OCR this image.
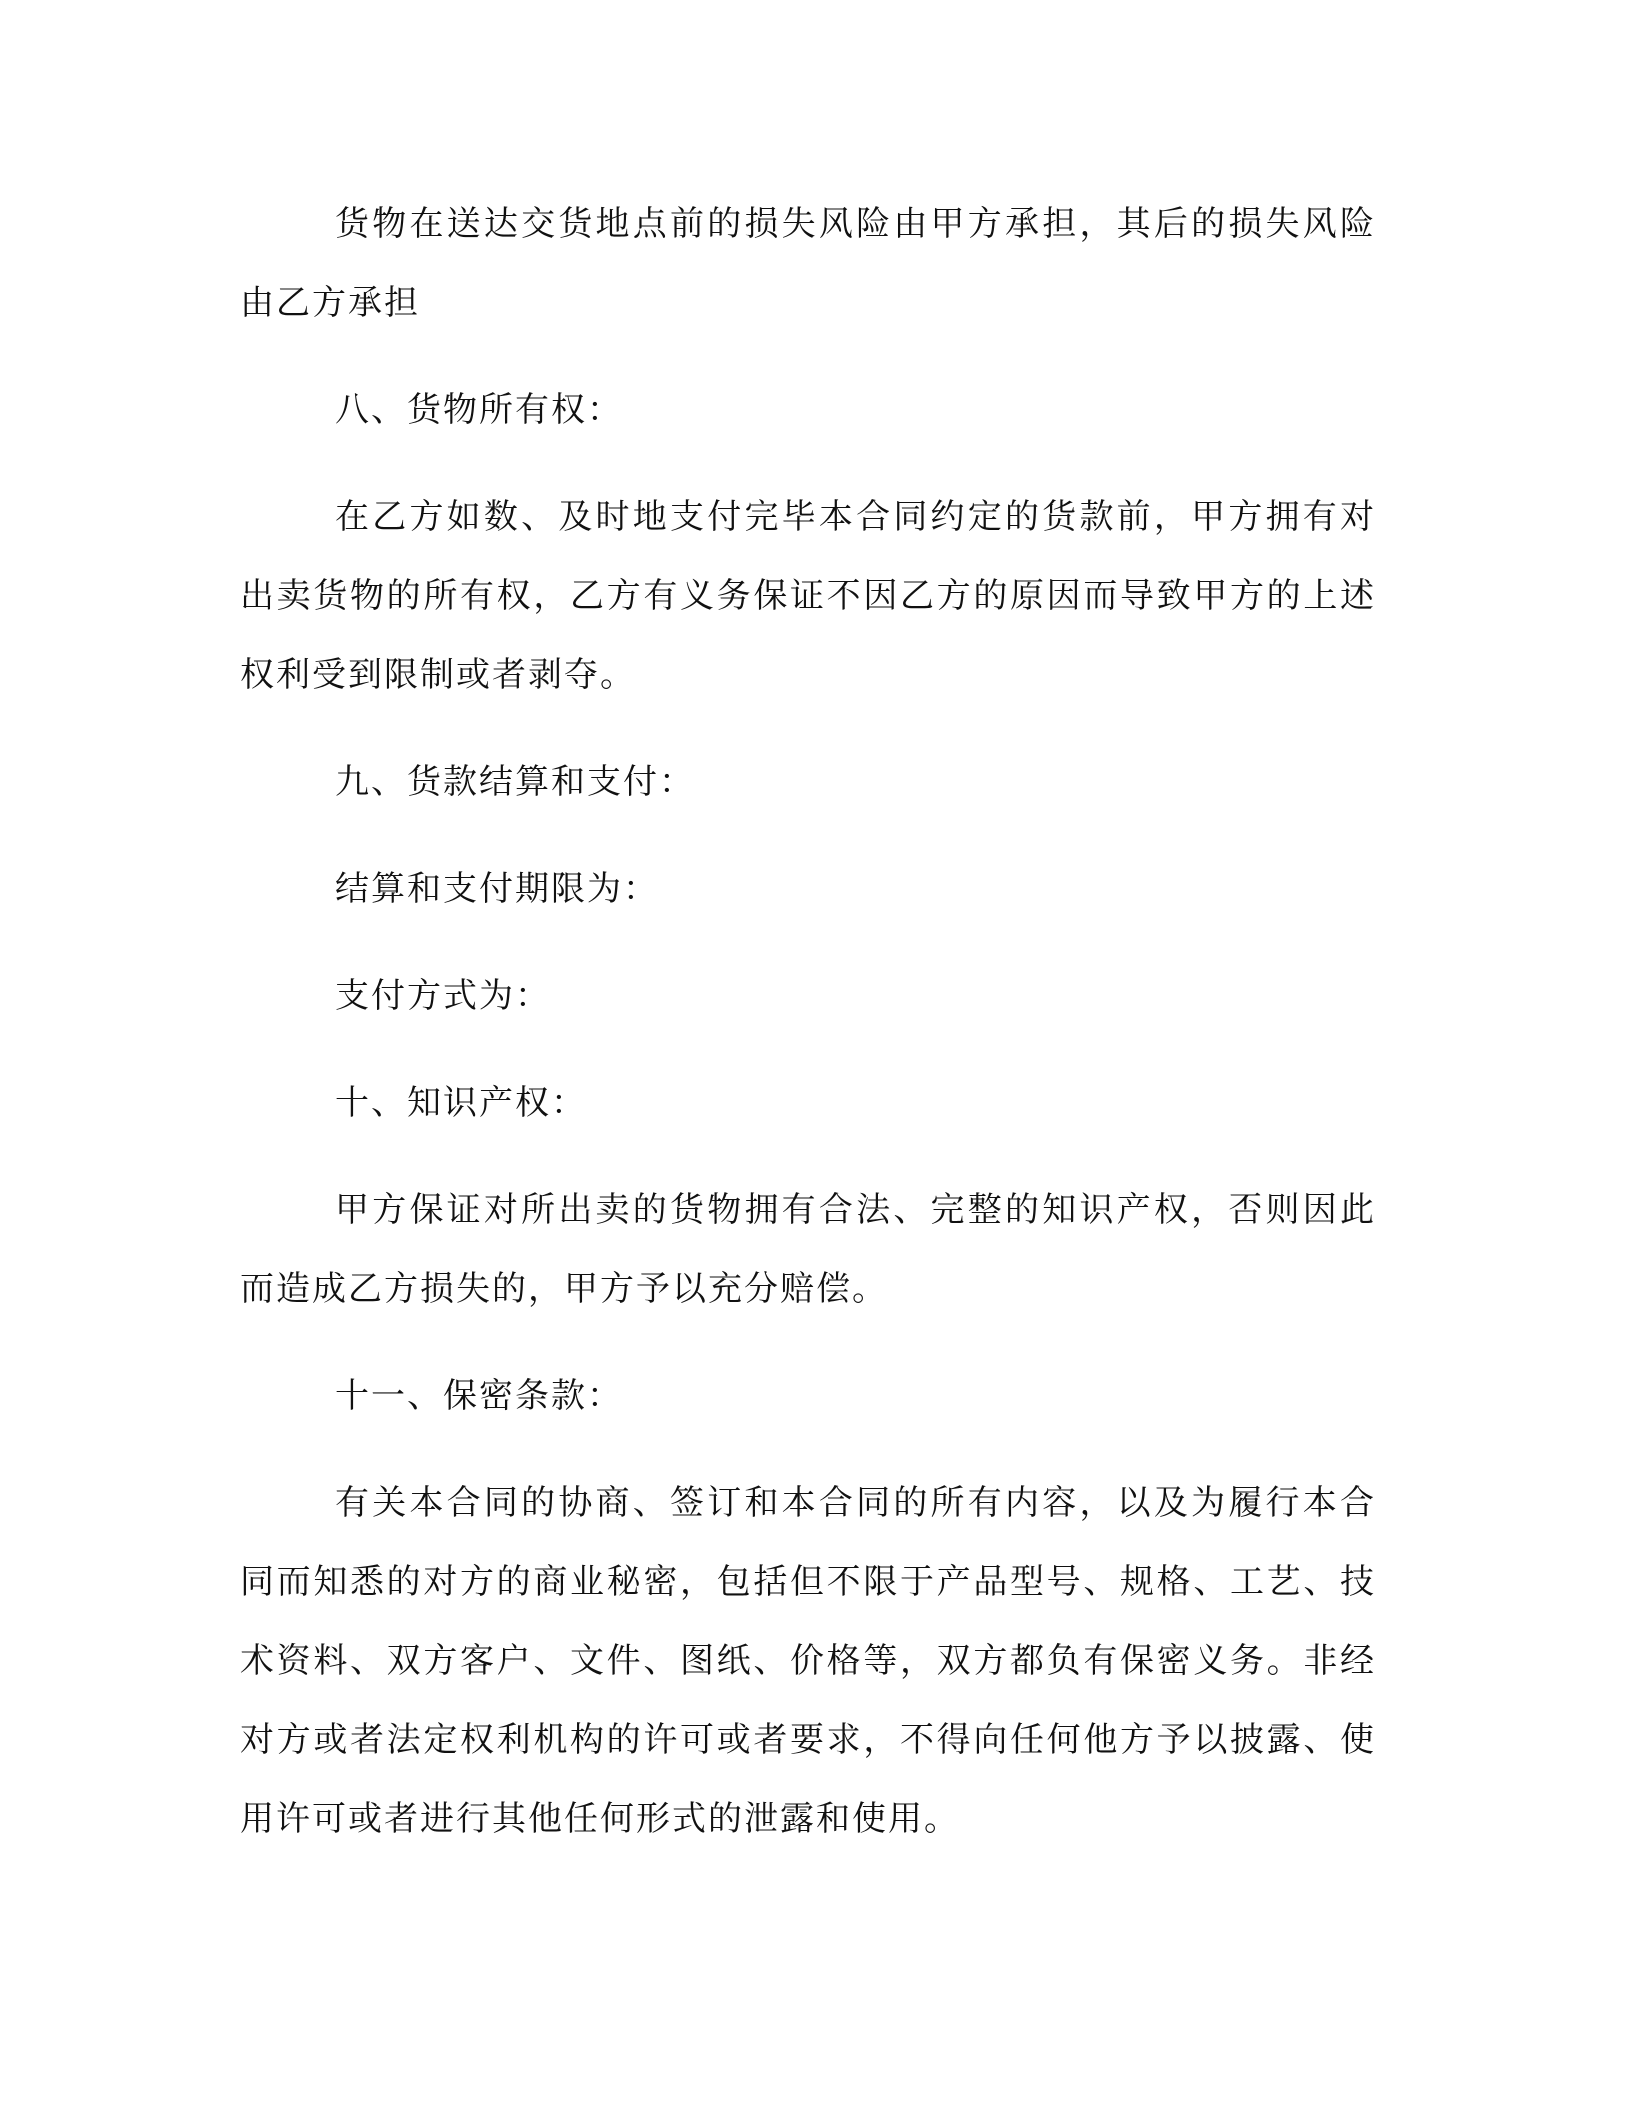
货物在送达交货地点前的损失风险由甲方承担，其后的损失风险由乙方承担

八、货物所有权：

在乙方如数、及时地支付完毕本合同约定的货款前，甲方拥有对出卖货物的所有权，乙方有义务保证不因乙方的原因而导致甲方的上述权利受到限制或者剥夺。

九、货款结算和支付：

结算和支付期限为：

支付方式为：

十、知识产权：

甲方保证对所出卖的货物拥有合法、完整的知识产权，否则因此而造成乙方损失的，甲方予以充分赔偿。

十一、保密条款：

有关本合同的协商、签订和本合同的所有内容，以及为履行本合同而知悉的对方的商业秘密，包括但不限于产品型号、规格、工艺、技术资料、双方客户、文件、图纸、价格等，双方都负有保密义务。非经对方或者法定权利机构的许可或者要求，不得向任何他方予以披露、使用许可或者进行其他任何形式的泄露和使用。
